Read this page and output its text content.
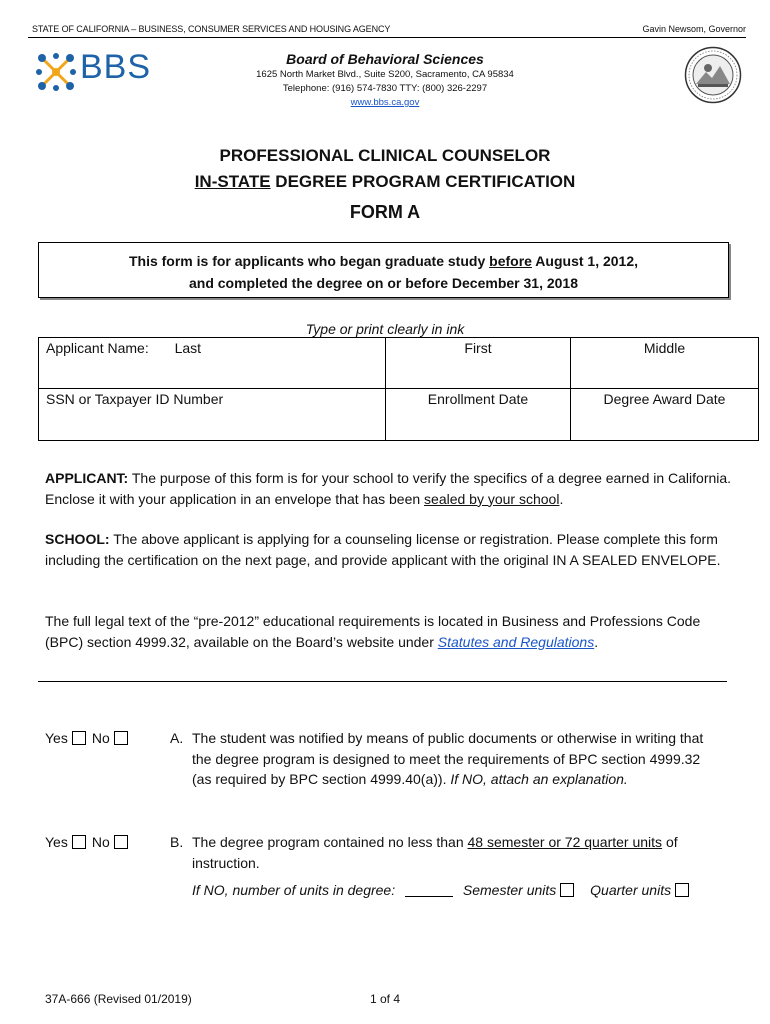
STATE OF CALIFORNIA – BUSINESS, CONSUMER SERVICES AND HOUSING AGENCY	Gavin Newsom, Governor
BBS	Board of Behavioral Sciences
1625 North Market Blvd., Suite S200, Sacramento, CA 95834
Telephone: (916) 574-7830 TTY: (800) 326-2297
www.bbs.ca.gov
PROFESSIONAL CLINICAL COUNSELOR
IN-STATE DEGREE PROGRAM CERTIFICATION
FORM A
This form is for applicants who began graduate study before August 1, 2012,
and completed the degree on or before December 31, 2018
Type or print clearly in ink
Applicant Name: Last	First	Middle
SSN or Taxpayer ID Number	Enrollment Date	Degree Award Date
APPLICANT: The purpose of this form is for your school to verify the specifics of a degree earned in California. Enclose it with your application in an envelope that has been sealed by your school.
SCHOOL: The above applicant is applying for a counseling license or registration. Please complete this form including the certification on the next page, and provide applicant with the original IN A SEALED ENVELOPE.
The full legal text of the “pre-2012” educational requirements is located in Business and Professions Code (BPC) section 4999.32, available on the Board’s website under Statutes and Regulations.
Yes No	A. The student was notified by means of public documents or otherwise in writing that the degree program is designed to meet the requirements of BPC section 4999.32 (as required by BPC section 4999.40(a)). If NO, attach an explanation.
Yes No	B. The degree program contained no less than 48 semester or 72 quarter units of instruction.
If NO, number of units in degree:	Semester units Quarter units
37A-666 (Revised 01/2019)	1 of 4
